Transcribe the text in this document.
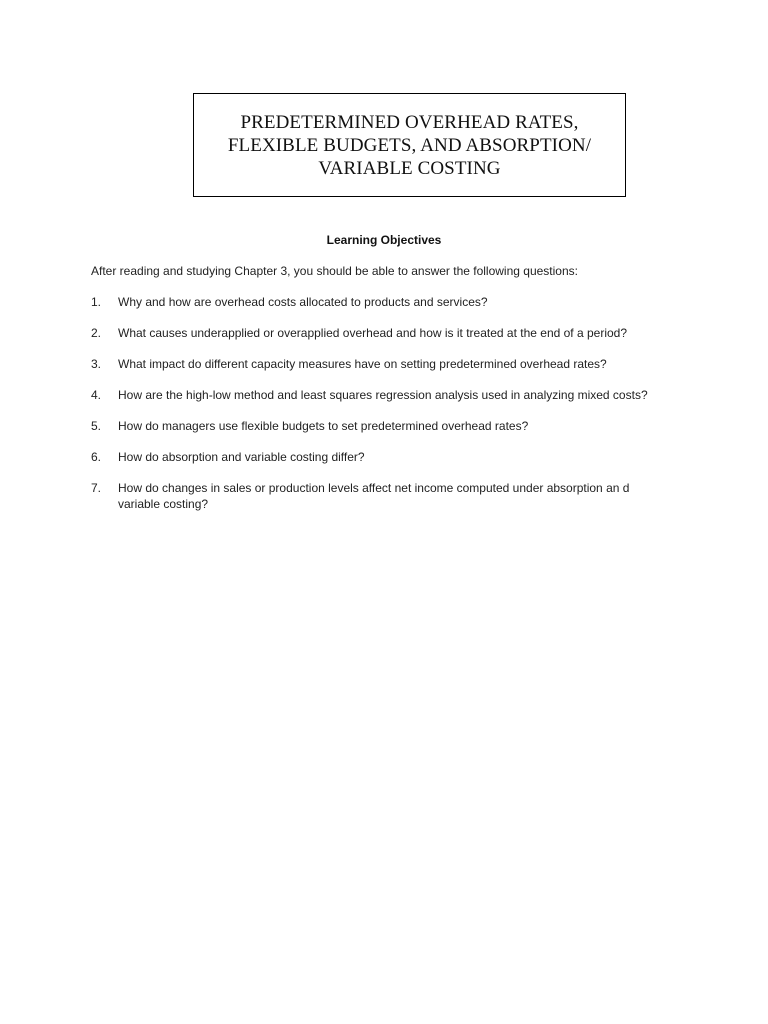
PREDETERMINED OVERHEAD RATES,
FLEXIBLE BUDGETS, AND ABSORPTION/
VARIABLE COSTING
Learning Objectives
After reading and studying Chapter 3, you should be able to answer the following questions:
1.	Why and how are overhead costs allocated to products and services?
2.	What causes underapplied or overapplied overhead and how is it treated at the end of a period?
3.	What impact do different capacity measures have on setting predetermined overhead rates?
4.	How are the high-low method and least squares regression analysis used in analyzing mixed costs?
5.	How do managers use flexible budgets to set predetermined overhead rates?
6.	How do absorption and variable costing differ?
7.	How do changes in sales or production levels affect net income computed under absorption an d
variable costing?
